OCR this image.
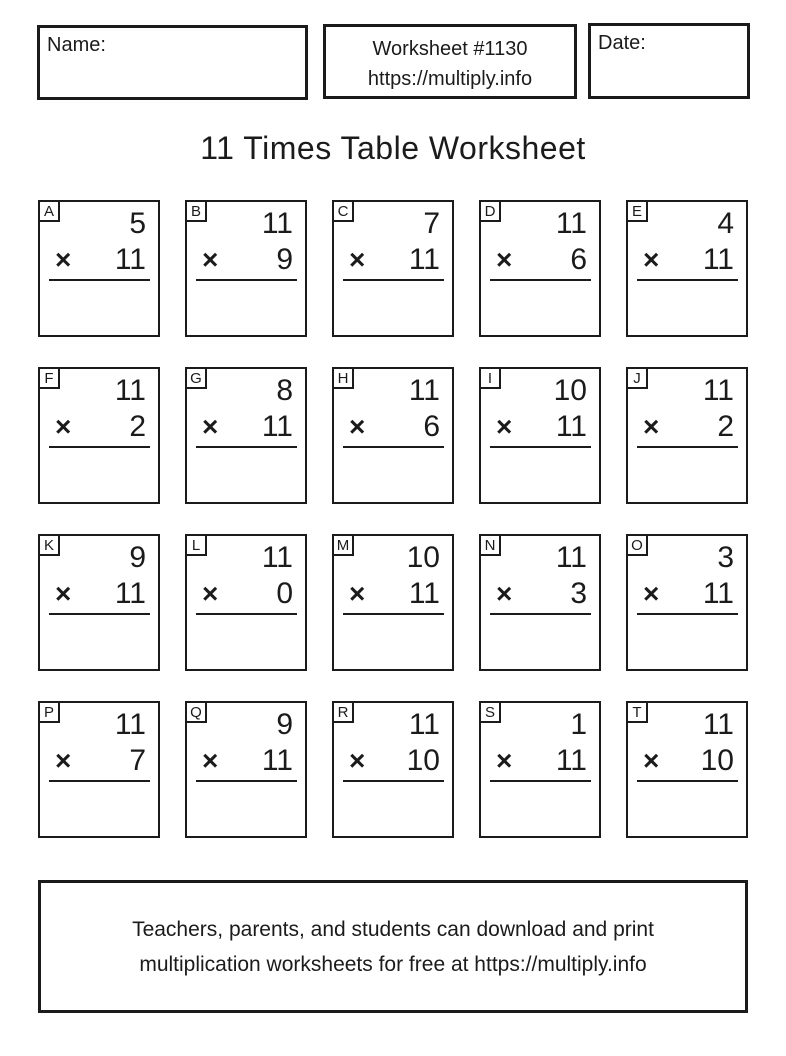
Name:	Worksheet #1130
https://multiply.info
Date:
11 Times Table Worksheet
A	5
× 11
B	11
× 9
C	7
× 11
D	11
× 6
E	4
× 11
F	11
× 2
G	8
× 11
H	11
× 6
I	10
× 11
J	11
× 2
K	9
× 11
L	11
× 0
M	10
× 11
N	11
× 3
O	3
× 11
P	11
× 7
Q	9
× 11
R	11
× 10
S	1
× 11
T	11
× 10
Teachers, parents, and students can download and print
multiplication worksheets for free at https://multiply.info
